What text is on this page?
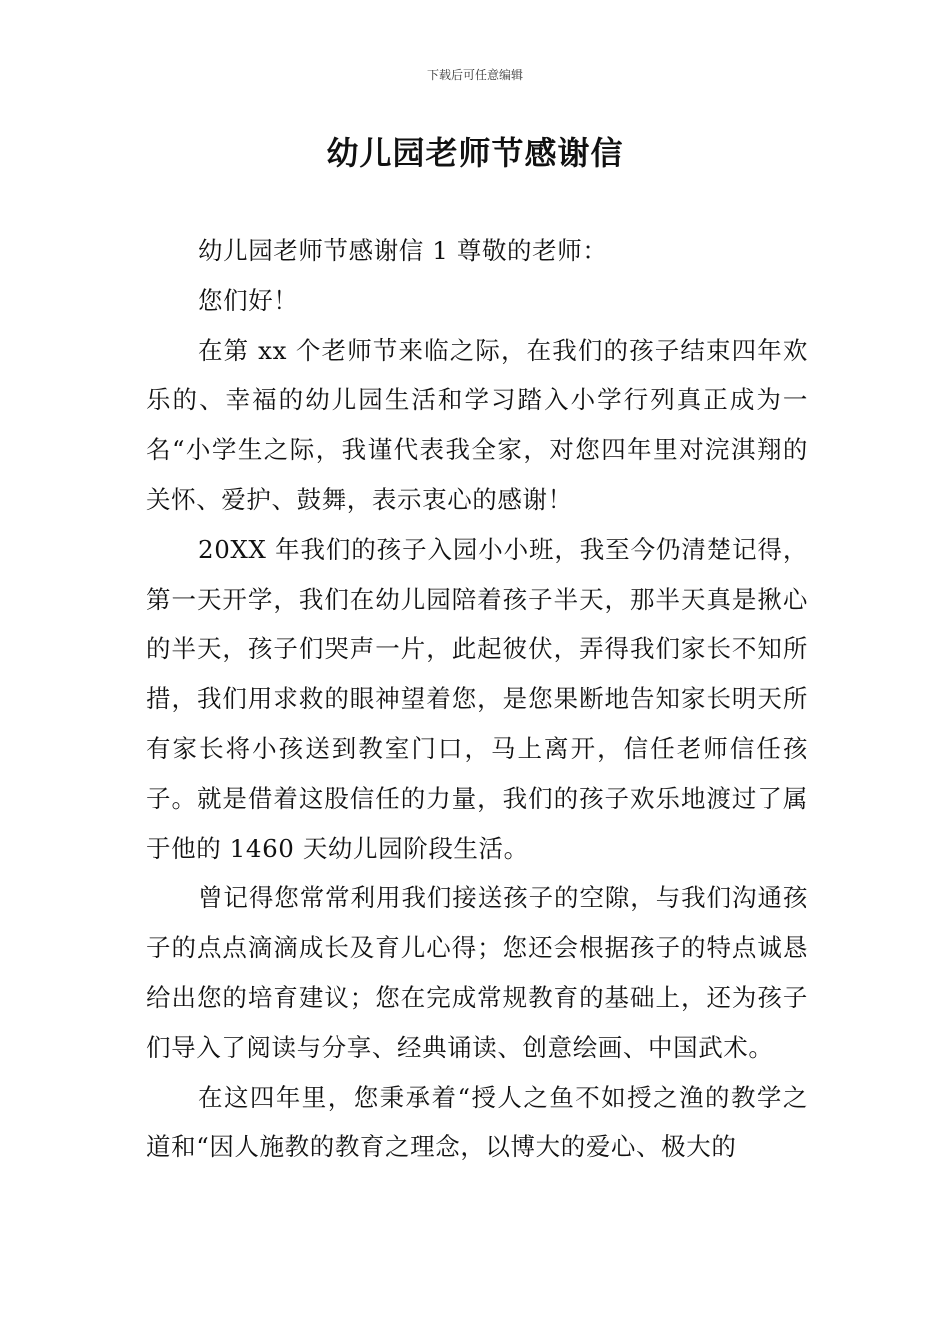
下载后可任意编辑
幼儿园老师节感谢信

幼儿园老师节感谢信 1 尊敬的老师：

您们好！

在第 xx 个老师节来临之际，在我们的孩子结束四年欢乐的、幸福的幼儿园生活和学习踏入小学行列真正成为一名“小学生之际，我谨代表我全家，对您四年里对浣淇翔的关怀、爱护、鼓舞，表示衷心的感谢！

20XX 年我们的孩子入园小小班，我至今仍清楚记得，第一天开学，我们在幼儿园陪着孩子半天，那半天真是揪心的半天，孩子们哭声一片，此起彼伏，弄得我们家长不知所措，我们用求救的眼神望着您，是您果断地告知家长明天所有家长将小孩送到教室门口，马上离开，信任老师信任孩子。就是借着这股信任的力量，我们的孩子欢乐地渡过了属于他的 1460 天幼儿园阶段生活。

曾记得您常常利用我们接送孩子的空隙，与我们沟通孩子的点点滴滴成长及育儿心得；您还会根据孩子的特点诚恳给出您的培育建议；您在完成常规教育的基础上，还为孩子们导入了阅读与分享、经典诵读、创意绘画、中国武术。

在这四年里，您秉承着“授人之鱼不如授之渔的教学之道和“因人施教的教育之理念，以博大的爱心、极大的
